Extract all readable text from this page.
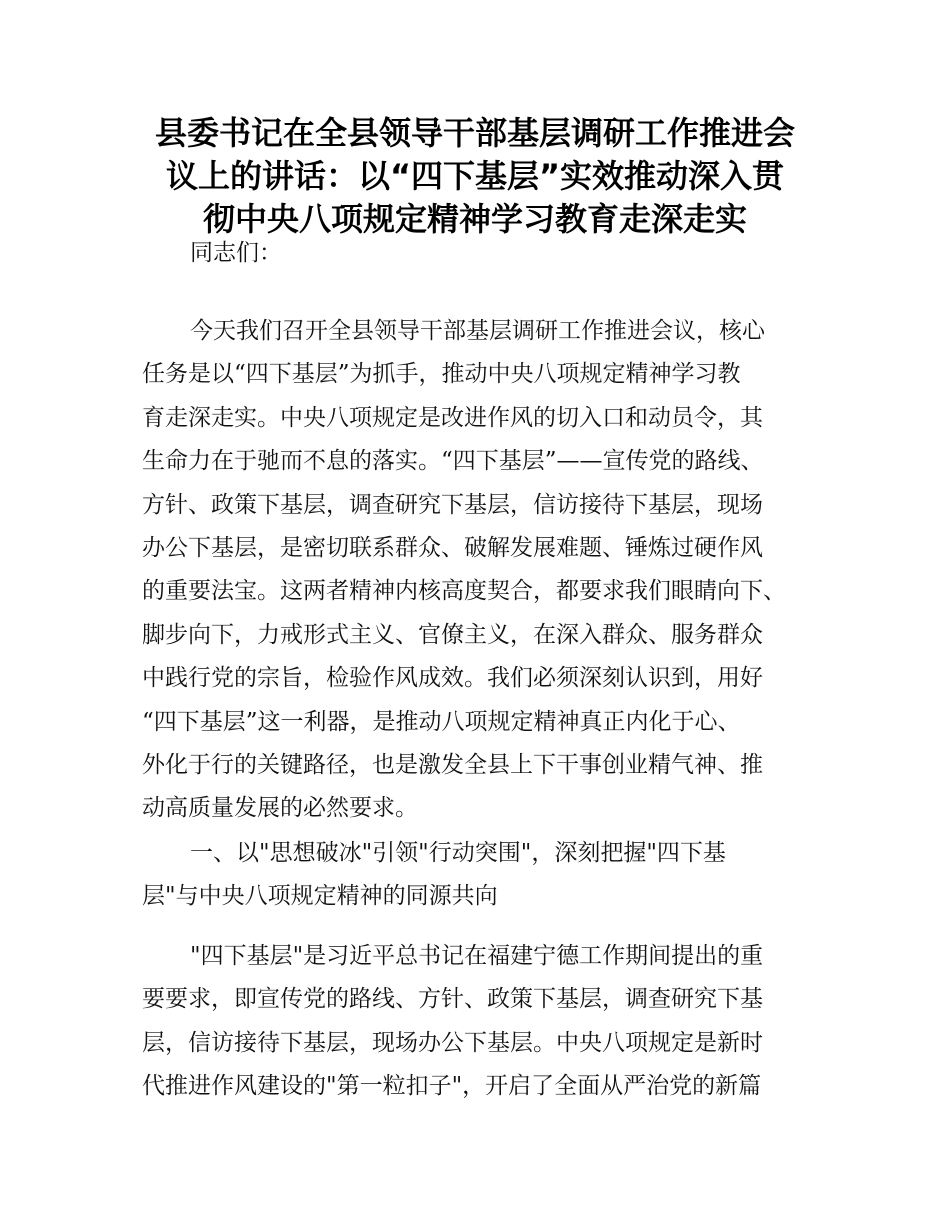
县委书记在全县领导干部基层调研工作推进会
议上的讲话：以“四下基层”实效推动深入贯
彻中央八项规定精神学习教育走深走实
同志们：
今天我们召开全县领导干部基层调研工作推进会议，核心
任务是以“四下基层”为抓手，推动中央八项规定精神学习教
育走深走实。中央八项规定是改进作风的切入口和动员令，其
生命力在于驰而不息的落实。“四下基层”——宣传党的路线、
方针、政策下基层，调查研究下基层，信访接待下基层，现场
办公下基层，是密切联系群众、破解发展难题、锤炼过硬作风
的重要法宝。这两者精神内核高度契合，都要求我们眼睛向下、
脚步向下，力戒形式主义、官僚主义，在深入群众、服务群众
中践行党的宗旨，检验作风成效。我们必须深刻认识到，用好
“四下基层”这一利器，是推动八项规定精神真正内化于心、
外化于行的关键路径，也是激发全县上下干事创业精气神、推
动高质量发展的必然要求。
一、以"思想破冰"引领"行动突围"，深刻把握"四下基
层"与中央八项规定精神的同源共向
"四下基层"是习近平总书记在福建宁德工作期间提出的重
要要求，即宣传党的路线、方针、政策下基层，调查研究下基
层，信访接待下基层，现场办公下基层。中央八项规定是新时
代推进作风建设的"第一粒扣子"，开启了全面从严治党的新篇
